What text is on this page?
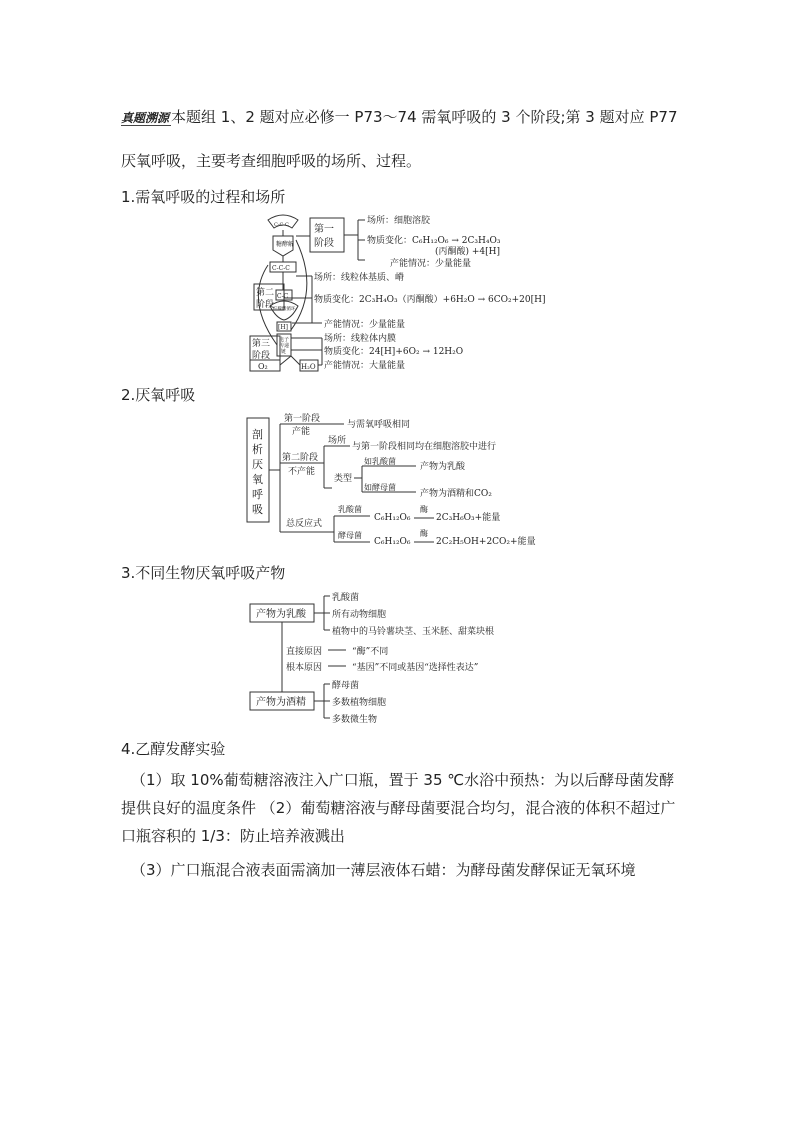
真题溯源 本题组 1、2 题对应必修一 P73～74 需氧呼吸的 3 个阶段;第 3 题对应 P77
厌氧呼吸，主要考查细胞呼吸的场所、过程。
1.需氧呼吸的过程和场所
C-C-C
糖酵解
C-C-C
C-C
柠檬酸循环
[H]
电子
传递
链
O₂	H₂O
第一
阶段
第二
阶段
第三
阶段
场所：细胞溶胶
物质变化：C₆H₁₂O₆ → 2C₃H₄O₃
(丙酮酸) +4[H]
产能情况：少量能量
场所：线粒体基质、嵴
物质变化：2C₃H₄O₃（丙酮酸）+6H₂O → 6CO₂+20[H]
产能情况：少量能量
场所：线粒体内膜
物质变化：24[H]+6O₂ → 12H₂O
产能情况：大量能量
2.厌氧呼吸
剖
析
厌
氧
呼
吸
第一阶段
产能
与需氧呼吸相同
第二阶段
不产能
场所
与第一阶段相同均在细胞溶胶中进行
类型
如乳酸菌
产物为乳酸
如酵母菌
产物为酒精和CO₂
总反应式
乳酸菌
C₆H₁₂O₆
酶
2C₃H₆O₃+能量
酵母菌
C₆H₁₂O₆
酶
2C₂H₅OH+2CO₂+能量
3.不同生物厌氧呼吸产物
产物为乳酸
乳酸菌
所有动物细胞
植物中的马铃薯块茎、玉米胚、甜菜块根
直接原因	“酶”不同
根本原因	“基因”不同或基因“选择性表达”
产物为酒精
酵母菌
多数植物细胞
多数微生物
4.乙醇发酵实验
（1）取 10%葡萄糖溶液注入广口瓶，置于 35 ℃水浴中预热：为以后酵母菌发酵提供良好的温度条件 （2）葡萄糖溶液与酵母菌要混合均匀，混合液的体积不超过广口瓶容积的 1/3：防止培养液溅出
（3）广口瓶混合液表面需滴加一薄层液体石蜡：为酵母菌发酵保证无氧环境
